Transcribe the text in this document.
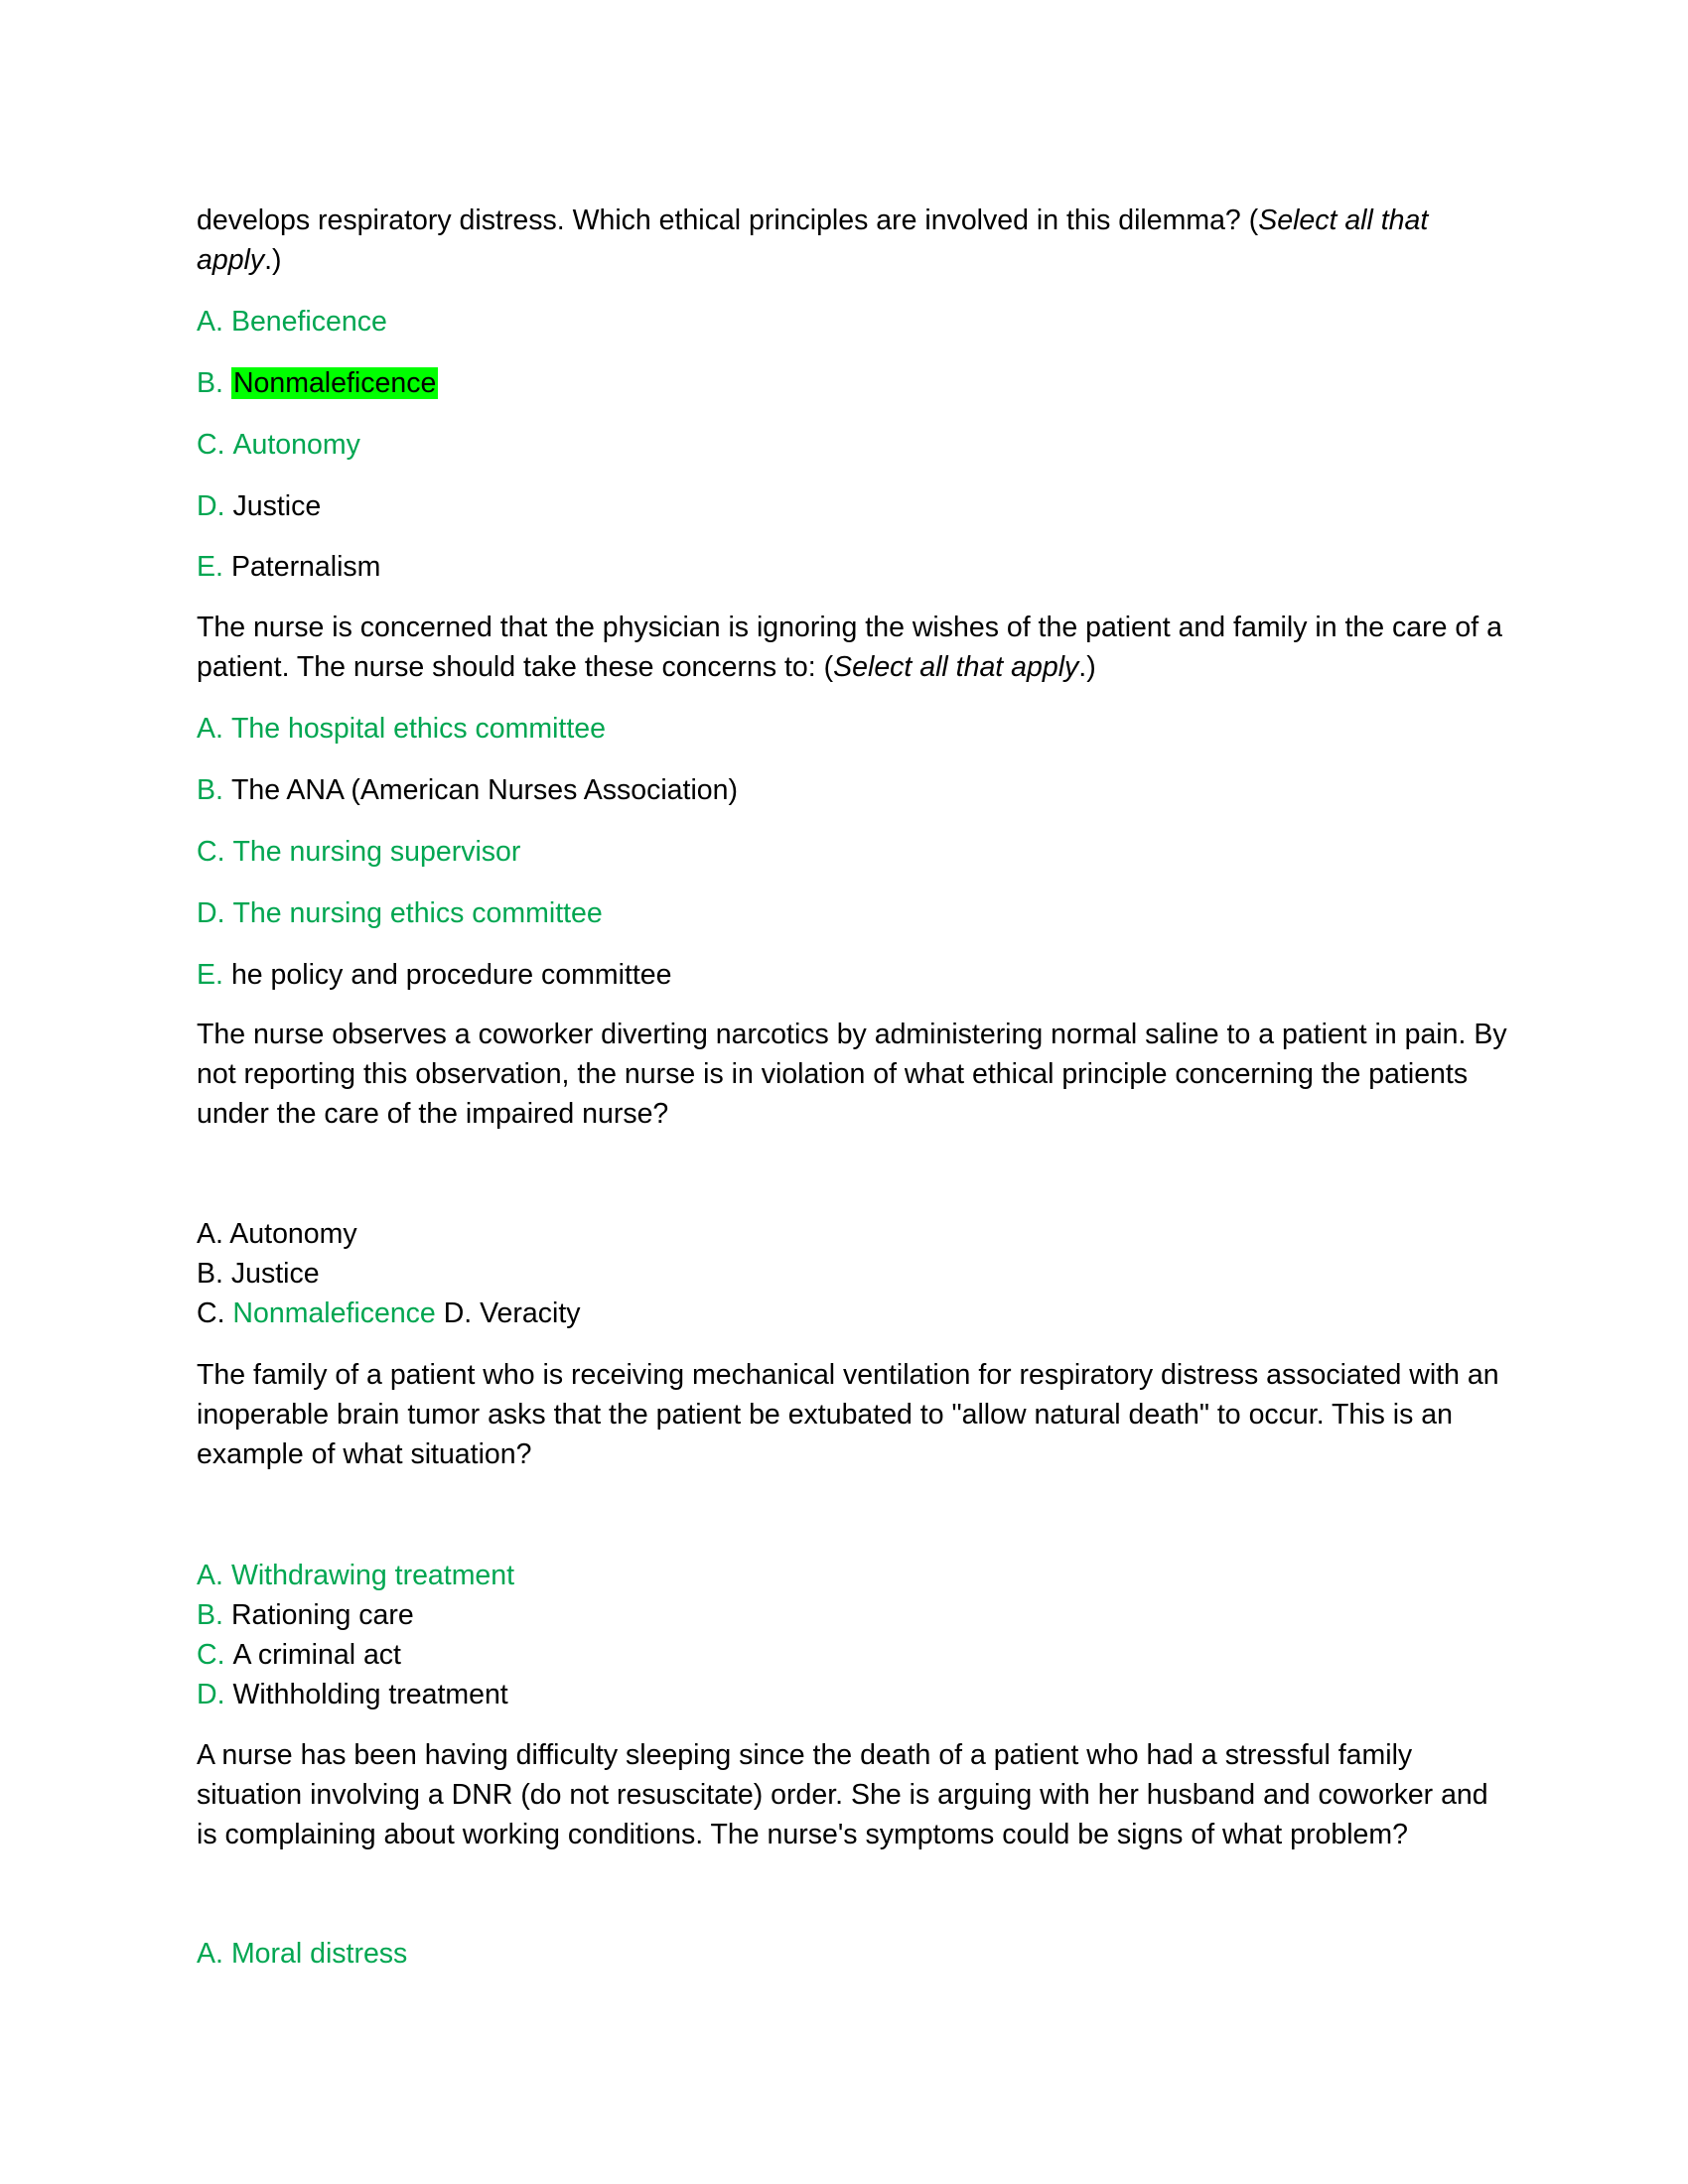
develops respiratory distress. Which ethical principles are involved in this dilemma? (Select all that
apply.)
A. Beneficence
B. Nonmaleficence
C. Autonomy
D. Justice
E. Paternalism
The nurse is concerned that the physician is ignoring the wishes of the patient and family in the care of a
patient. The nurse should take these concerns to: (Select all that apply.)
A. The hospital ethics committee
B. The ANA (American Nurses Association)
C. The nursing supervisor
D. The nursing ethics committee
E. he policy and procedure committee
The nurse observes a coworker diverting narcotics by administering normal saline to a patient in pain. By
not reporting this observation, the nurse is in violation of what ethical principle concerning the patients
under the care of the impaired nurse?
A. Autonomy
B. Justice
C. Nonmaleficence D. Veracity
The family of a patient who is receiving mechanical ventilation for respiratory distress associated with an
inoperable brain tumor asks that the patient be extubated to "allow natural death" to occur. This is an
example of what situation?
A. Withdrawing treatment
B. Rationing care
C. A criminal act
D. Withholding treatment
A nurse has been having difficulty sleeping since the death of a patient who had a stressful family
situation involving a DNR (do not resuscitate) order. She is arguing with her husband and coworker and
is complaining about working conditions. The nurse's symptoms could be signs of what problem?
A. Moral distress
